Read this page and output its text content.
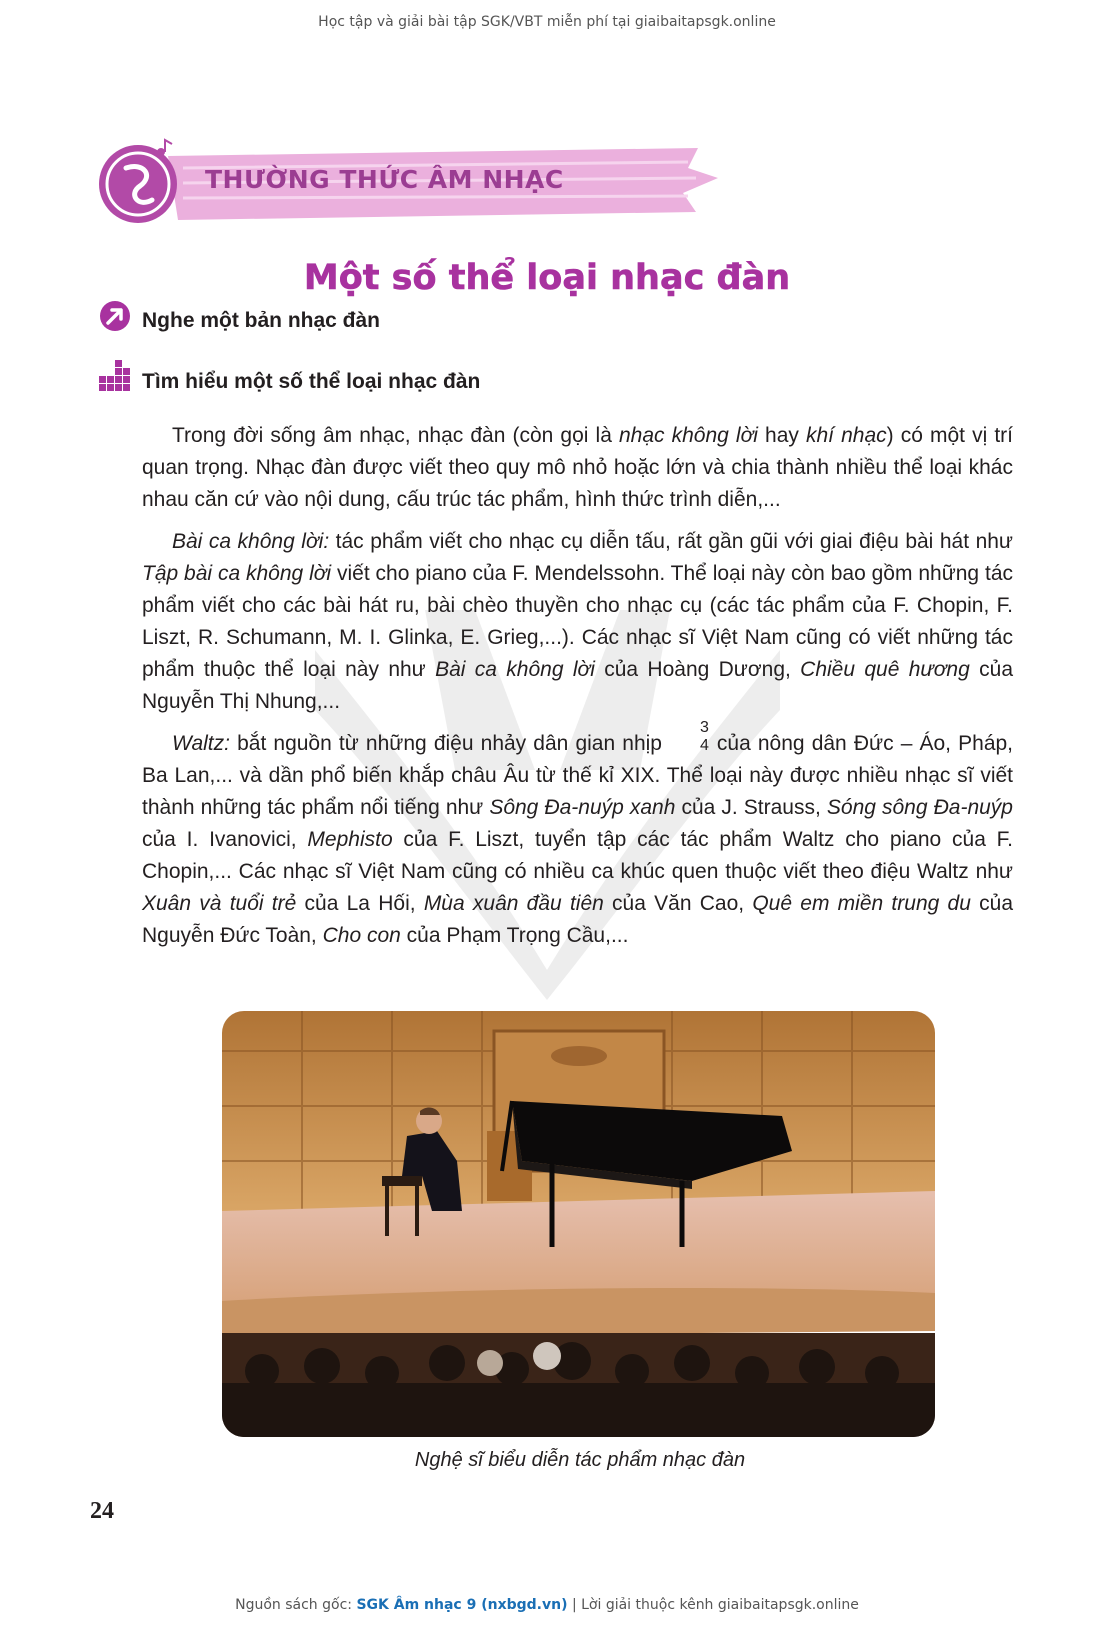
Học tập và giải bài tập SGK/VBT miễn phí tại giaibaitapsgk.online
THƯỜNG THỨC ÂM NHẠC
Một số thể loại nhạc đàn
Nghe một bản nhạc đàn
Tìm hiểu một số thể loại nhạc đàn

Trong đời sống âm nhạc, nhạc đàn (còn gọi là nhạc không lời hay khí nhạc) có một vị trí quan trọng. Nhạc đàn được viết theo quy mô nhỏ hoặc lớn và chia thành nhiều thể loại khác nhau căn cứ vào nội dung, cấu trúc tác phẩm, hình thức trình diễn,...

Bài ca không lời: tác phẩm viết cho nhạc cụ diễn tấu, rất gần gũi với giai điệu bài hát như Tập bài ca không lời viết cho piano của F. Mendelssohn. Thể loại này còn bao gồm những tác phẩm viết cho các bài hát ru, bài chèo thuyền cho nhạc cụ (các tác phẩm của F. Chopin, F. Liszt, R. Schumann, M. I. Glinka, E. Grieg,...). Các nhạc sĩ Việt Nam cũng có viết những tác phẩm thuộc thể loại này như Bài ca không lời của Hoàng Dương, Chiều quê hương của Nguyễn Thị Nhung,...

Waltz: bắt nguồn từ những điệu nhảy dân gian nhịp
3
4 của nông dân Đức – Áo, Pháp, Ba Lan,... và dần phổ biến khắp châu Âu từ thế kỉ XIX. Thể loại này được nhiều nhạc sĩ viết thành những tác phẩm nổi tiếng như Sông Đa-nuýp xanh của J. Strauss, Sóng sông Đa-nuýp của I. Ivanovici, Mephisto của F. Liszt, tuyển tập các tác phẩm Waltz cho piano của F. Chopin,... Các nhạc sĩ Việt Nam cũng có nhiều ca khúc quen thuộc viết theo điệu Waltz như Xuân và tuổi trẻ của La Hối, Mùa xuân đầu tiên của Văn Cao, Quê em miền trung du của Nguyễn Đức Toàn, Cho con của Phạm Trọng Cầu,...

Nghệ sĩ biểu diễn tác phẩm nhạc đàn
24
Nguồn sách gốc: SGK Âm nhạc 9 (nxbgd.vn) | Lời giải thuộc kênh giaibaitapsgk.online
